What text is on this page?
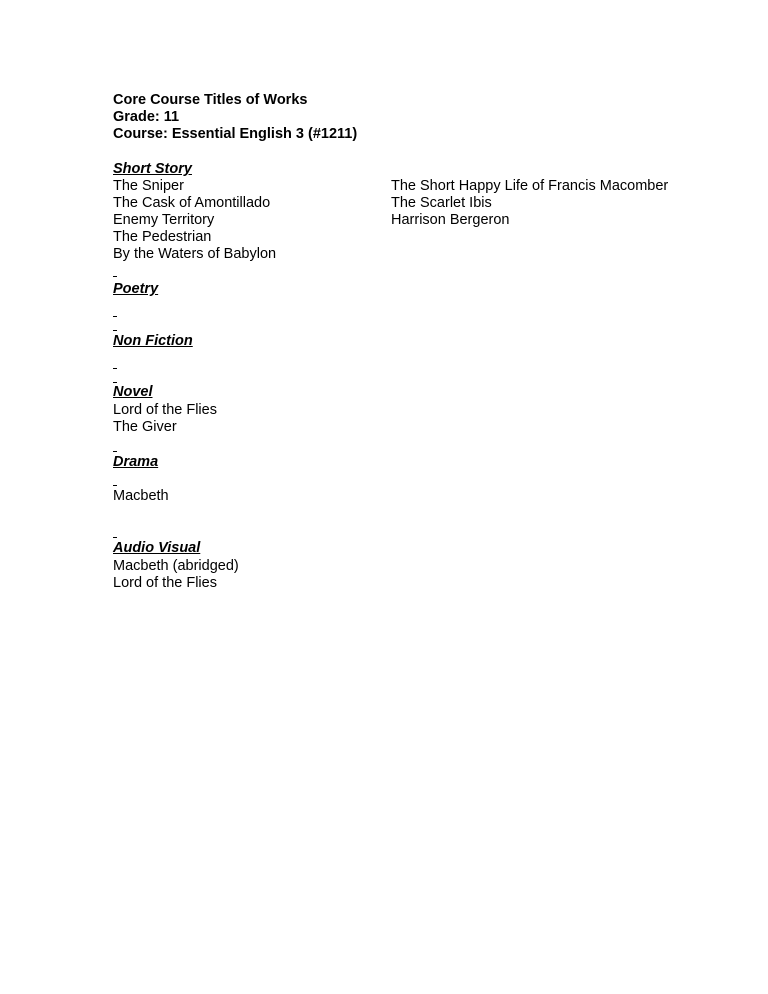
Core Course Titles of Works
Grade: 11
Course: Essential English 3 (#1211)
Short Story
The Sniper
The Cask of Amontillado
Enemy Territory
The Pedestrian
By the Waters of Babylon
The Short Happy Life of Francis Macomber
The Scarlet Ibis
Harrison Bergeron
Poetry
Non Fiction
Novel
Lord of the Flies
The Giver
Drama
Macbeth
Audio Visual
Macbeth (abridged)
Lord of the Flies
